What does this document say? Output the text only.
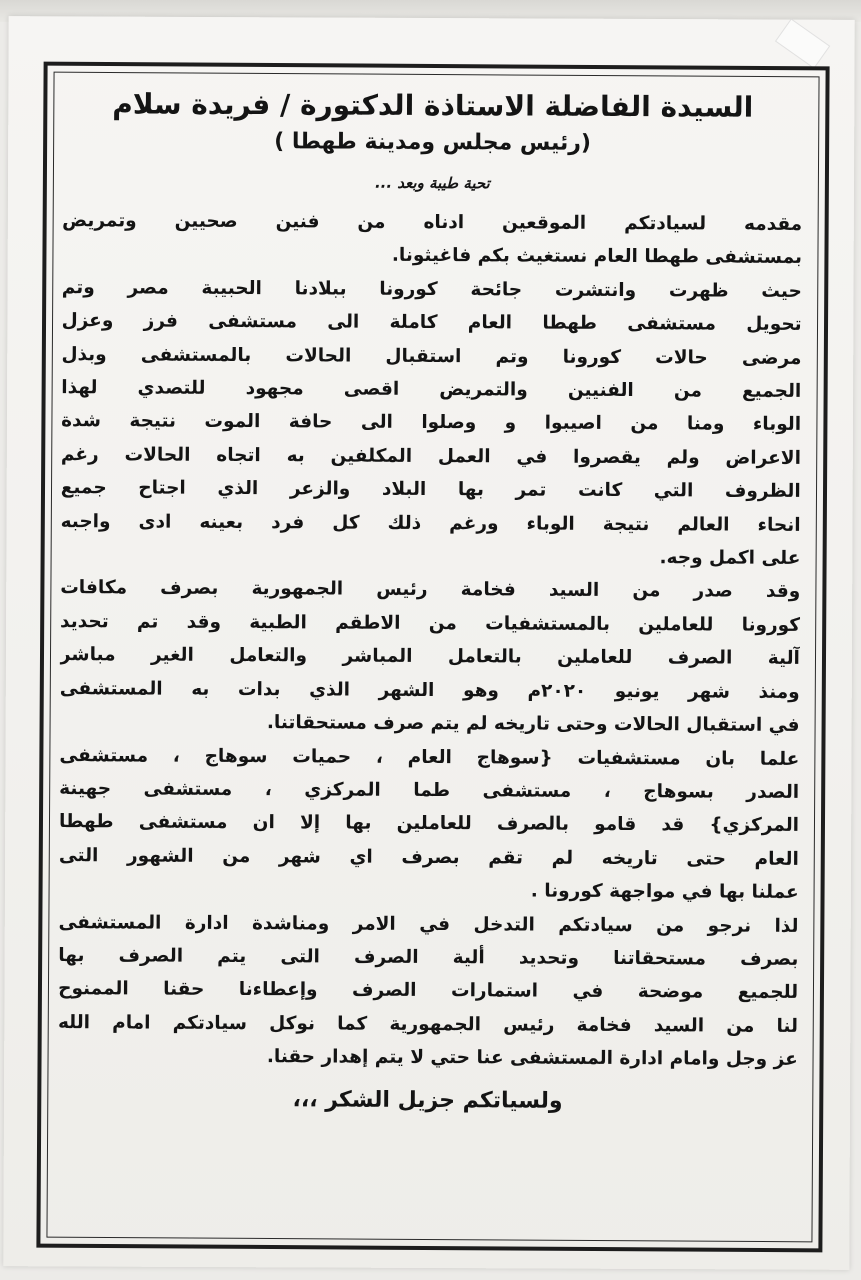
السيدة الفاضلة الاستاذة الدكتورة / فريدة سلام

(رئيس مجلس ومدينة طهطا )

تحية طيبة وبعد ...

مقدمه لسيادتكم الموقعين ادناه من فنين صحيين وتمريض

بمستشفى طهطا العام نستغيث بكم فاغيثونا.

حيث ظهرت وانتشرت جائحة كورونا ببلادنا الحبيبة مصر وتم

تحويل مستشفى طهطا العام كاملة الى مستشفى فرز وعزل

مرضى حالات كورونا وتم استقبال الحالات بالمستشفى وبذل

الجميع من الفنيين والتمريض اقصى مجهود للتصدي لهذا

الوباء ومنا من اصيبوا و وصلوا الى حافة الموت نتيجة شدة

الاعراض ولم يقصروا في العمل المكلفين به اتجاه الحالات رغم

الظروف التي كانت تمر بها البلاد والزعر الذي اجتاح جميع

انحاء العالم نتيجة الوباء ورغم ذلك كل فرد بعينه ادى واجبه

على اكمل وجه.

وقد صدر من السيد فخامة رئيس الجمهورية بصرف مكافات

كورونا للعاملين بالمستشفيات من الاطقم الطبية وقد تم تحديد

آلية الصرف للعاملين بالتعامل المباشر والتعامل الغير مباشر

ومنذ شهر يونيو ٢٠٢٠م وهو الشهر الذي بدات به المستشفى

في استقبال الحالات وحتى تاريخه لم يتم صرف مستحقاتنا.

علما بان مستشفيات {سوهاج العام ، حميات سوهاج ، مستشفى

الصدر بسوهاج ، مستشفى طما المركزي ، مستشفى جهينة

المركزي} قد قامو بالصرف للعاملين بها إلا ان مستشفى طهطا

العام حتى تاريخه لم تقم بصرف اي شهر من الشهور التى

عملنا بها في مواجهة كورونا .

لذا نرجو من سيادتكم التدخل في الامر ومناشدة ادارة المستشفى

بصرف مستحقاتنا وتحديد ألية الصرف التى يتم الصرف بها

للجميع موضحة في استمارات الصرف وإعطاءنا حقنا الممنوح

لنا من السيد فخامة رئيس الجمهورية كما نوكل سيادتكم امام الله

عز وجل وامام ادارة المستشفى عنا حتي لا يتم إهدار حقنا.

ولسياتكم جزيل الشكر ،،،
